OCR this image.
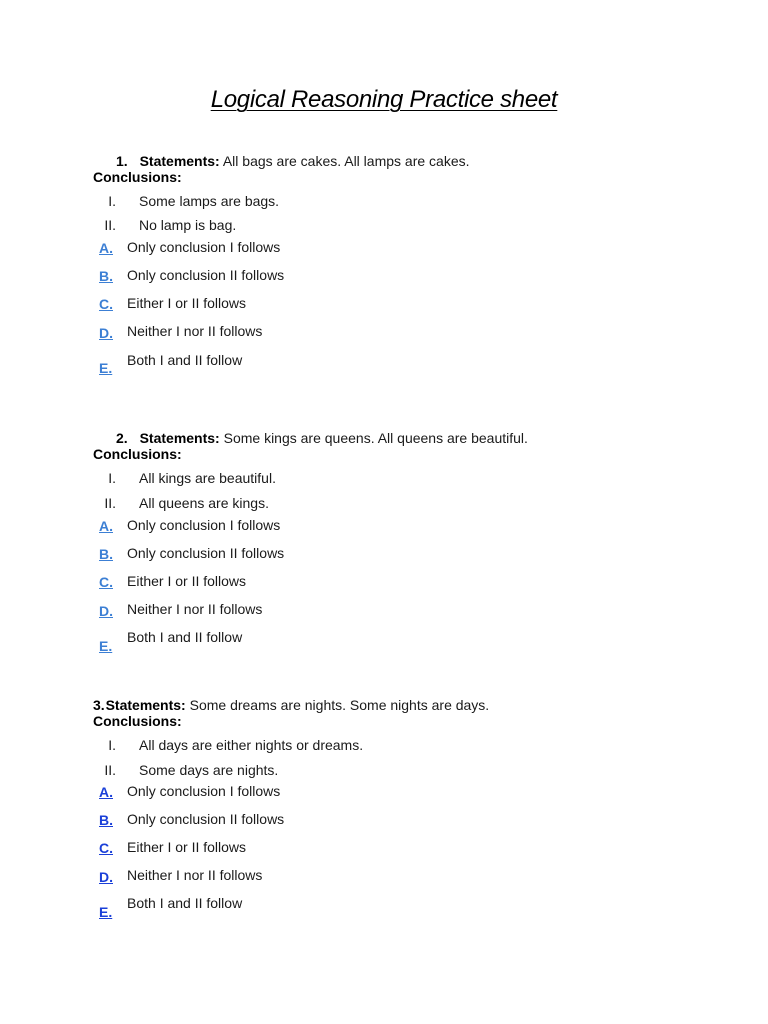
Logical Reasoning Practice sheet
1. Statements: All bags are cakes. All lamps are cakes.
Conclusions:
I. Some lamps are bags.
II. No lamp is bag.
A. Only conclusion I follows
B. Only conclusion II follows
C. Either I or II follows
D. Neither I nor II follows
E. Both I and II follow
2. Statements: Some kings are queens. All queens are beautiful.
Conclusions:
I. All kings are beautiful.
II. All queens are kings.
A. Only conclusion I follows
B. Only conclusion II follows
C. Either I or II follows
D. Neither I nor II follows
E.
Both I and II follow
3. Statements: Some dreams are nights. Some nights are days.
Conclusions:
I. All days are either nights or dreams.
II. Some days are nights.
A. Only conclusion I follows
B. Only conclusion II follows
C. Either I or II follows
D. Neither I nor II follows
E.
Both I and II follow
